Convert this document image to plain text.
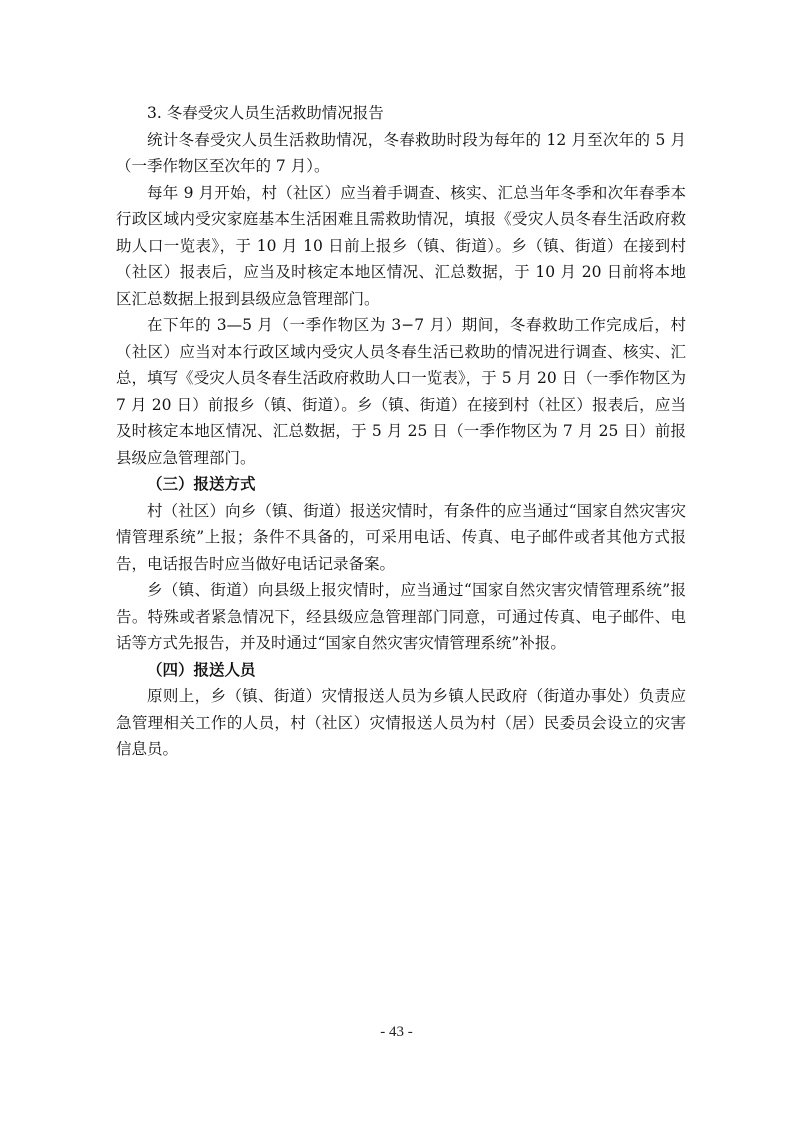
3. 冬春受灾人员生活救助情况报告

统计冬春受灾人员生活救助情况，冬春救助时段为每年的 12 月至次年的 5 月（一季作物区至次年的 7 月）。

每年 9 月开始，村（社区）应当着手调查、核实、汇总当年冬季和次年春季本行政区域内受灾家庭基本生活困难且需救助情况，填报《受灾人员冬春生活政府救助人口一览表》，于 10 月 10 日前上报乡（镇、街道）。乡（镇、街道）在接到村（社区）报表后，应当及时核定本地区情况、汇总数据，于 10 月 20 日前将本地区汇总数据上报到县级应急管理部门。

在下年的 3—5 月（一季作物区为 3−7 月）期间，冬春救助工作完成后，村（社区）应当对本行政区域内受灾人员冬春生活已救助的情况进行调查、核实、汇总，填写《受灾人员冬春生活政府救助人口一览表》，于 5 月 20 日（一季作物区为 7 月 20 日）前报乡（镇、街道）。乡（镇、街道）在接到村（社区）报表后，应当及时核定本地区情况、汇总数据，于 5 月 25 日（一季作物区为 7 月 25 日）前报县级应急管理部门。

（三）报送方式

村（社区）向乡（镇、街道）报送灾情时，有条件的应当通过“国家自然灾害灾情管理系统”上报；条件不具备的，可采用电话、传真、电子邮件或者其他方式报告，电话报告时应当做好电话记录备案。

乡（镇、街道）向县级上报灾情时，应当通过“国家自然灾害灾情管理系统”报告。特殊或者紧急情况下，经县级应急管理部门同意，可通过传真、电子邮件、电话等方式先报告，并及时通过“国家自然灾害灾情管理系统”补报。

（四）报送人员

原则上，乡（镇、街道）灾情报送人员为乡镇人民政府（街道办事处）负责应急管理相关工作的人员，村（社区）灾情报送人员为村（居）民委员会设立的灾害信息员。

- 43 -
